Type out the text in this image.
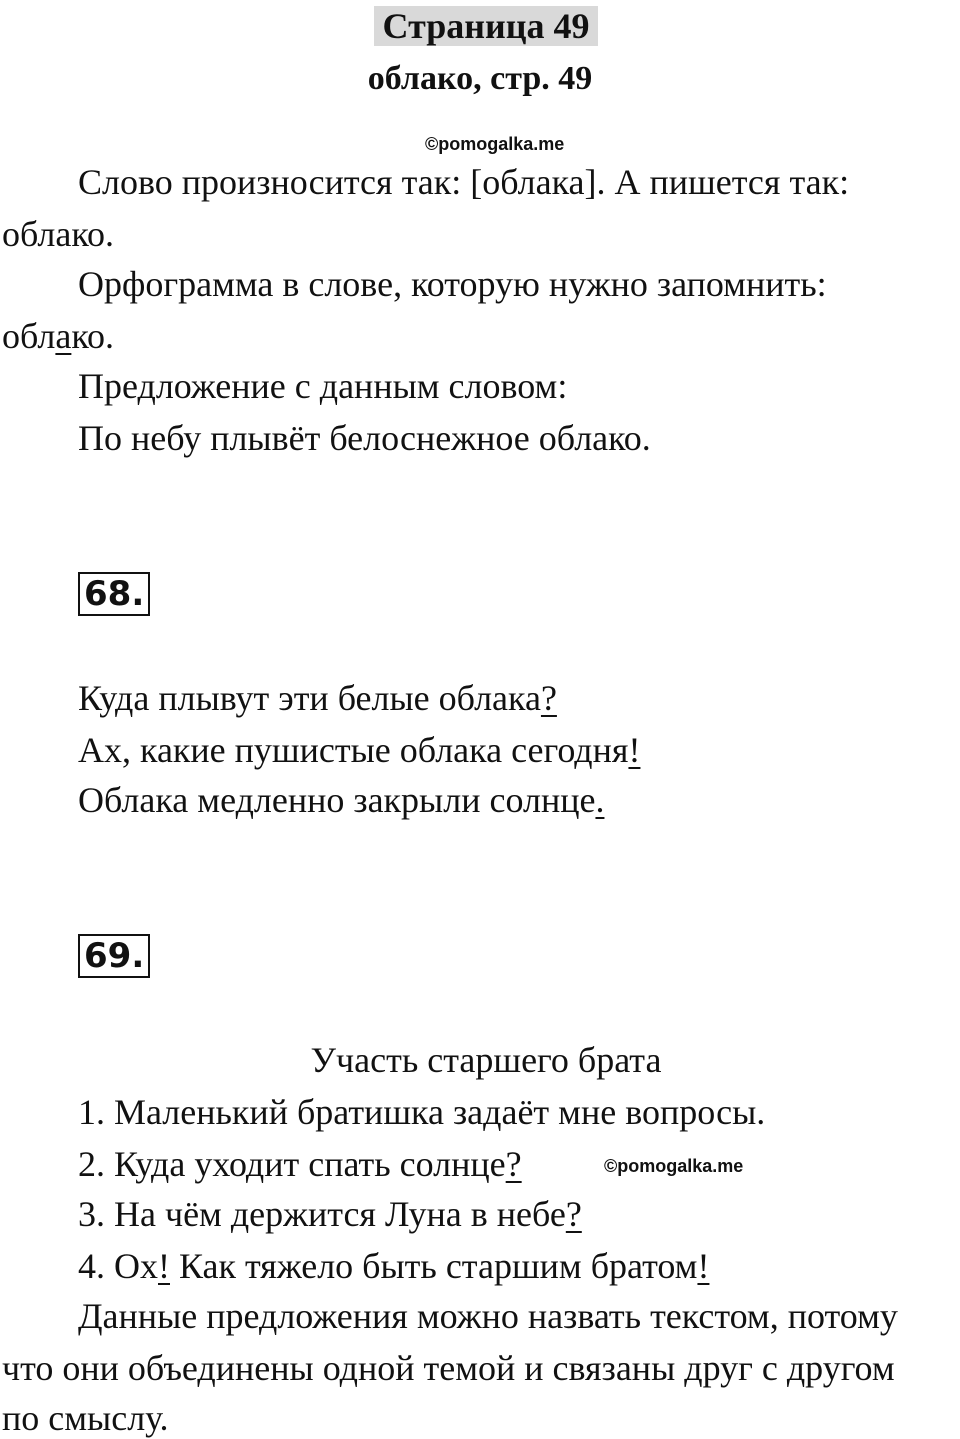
Страница 49
облако, стр. 49
©pomogalka.me
Слово произносится так: [облака]. А пишется так:
облако.
Орфограмма в слове, которую нужно запомнить:
облако.
Предложение с данным словом:
По небу плывёт белоснежное облако.
68.
Куда плывут эти белые облака?
Ах, какие пушистые облака сегодня!
Облака медленно закрыли солнце.
69.
Участь старшего брата
1. Маленький братишка задаёт мне вопросы.
2. Куда уходит спать солнце?	©pomogalka.me
3. На чём держится Луна в небе?
4. Ох! Как тяжело быть старшим братом!
Данные предложения можно назвать текстом, потому
что они объединены одной темой и связаны друг с другом
по смыслу.
